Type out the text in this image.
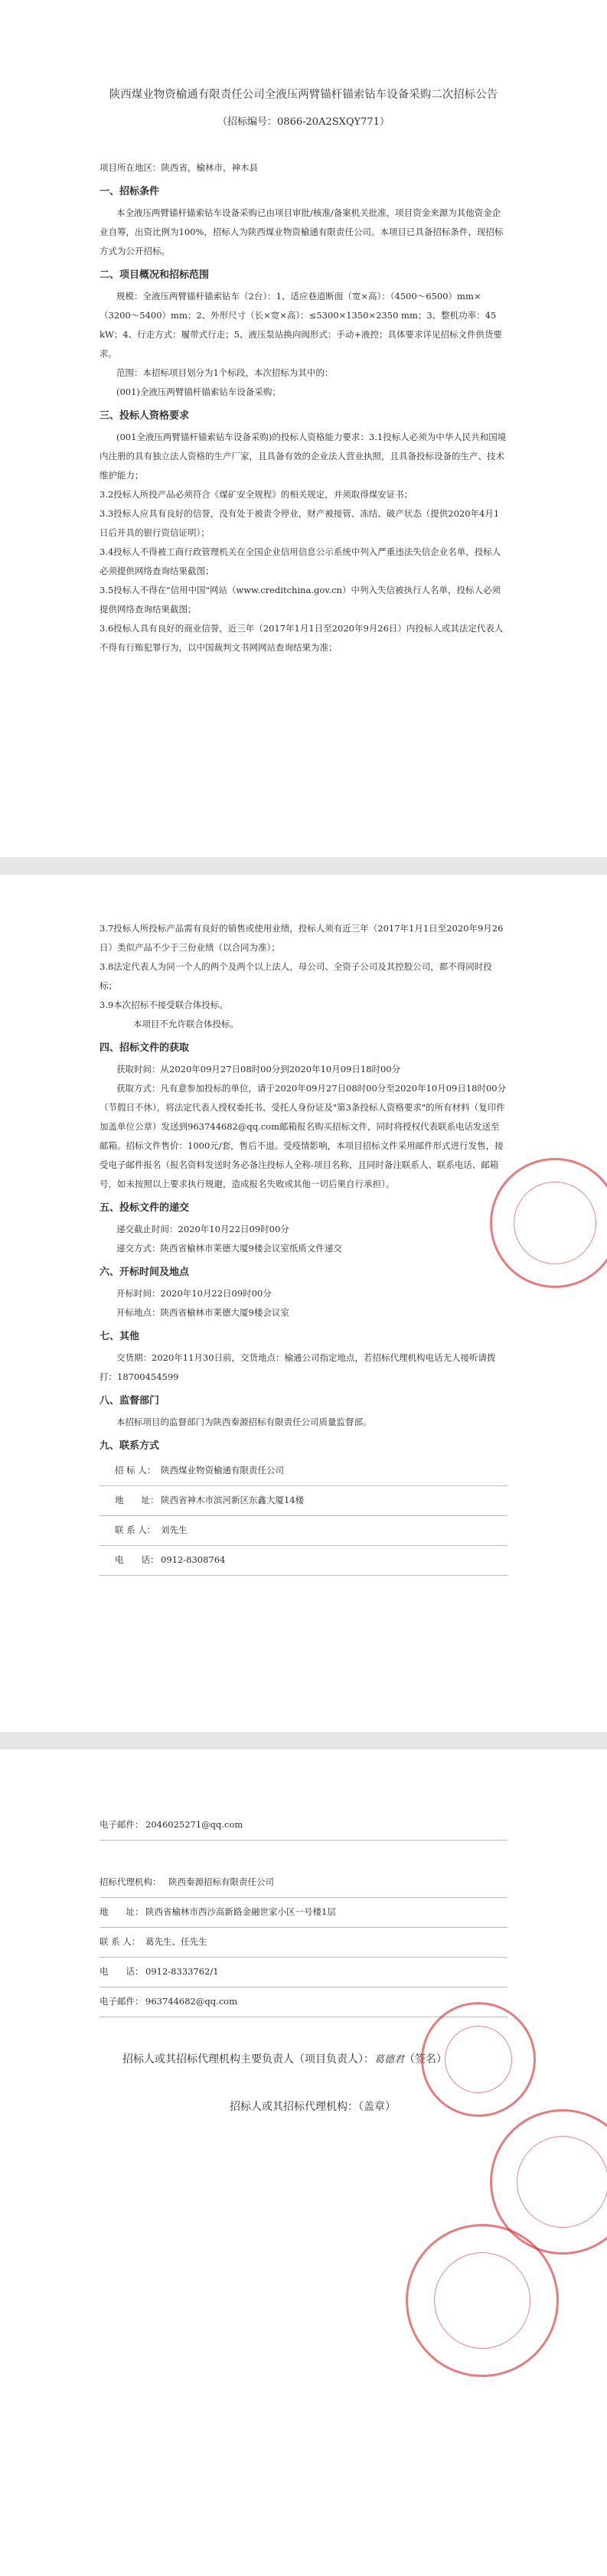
陕西煤业物资榆通有限责任公司全液压两臂锚杆锚索钻车设备采购二次招标公告
（招标编号：0866-20A2SXQY771）

项目所在地区：陕西省，榆林市，神木县

一、招标条件

本全液压两臂锚杆锚索钻车设备采购已由项目审批/核准/备案机关批准，项目资金来源为其他资金企业自筹，出资比例为100%，招标人为陕西煤业物资榆通有限责任公司。本项目已具备招标条件，现招标方式为公开招标。

二、项目概况和招标范围

规模：全液压两臂锚杆锚索钻车（2台）：1、适应巷道断面（宽×高）：（4500～6500）mm×（3200～5400）mm；2、外形尺寸（长×宽×高）：≤5300×1350×2350 mm；3、整机功率：45 kW；4、行走方式：履带式行走；5、液压泵站换向阀形式：手动+液控；具体要求详见招标文件供货要求。

范围：本招标项目划分为1个标段，本次招标为其中的：

(001)全液压两臂锚杆锚索钻车设备采购；

三、投标人资格要求

(001全液压两臂锚杆锚索钻车设备采购)的投标人资格能力要求：3.1投标人必须为中华人民共和国境内注册的具有独立法人资格的生产厂家，且具备有效的企业法人营业执照，且具备投标设备的生产、技术维护能力；

3.2投标人所投产品必须符合《煤矿安全规程》的相关规定，并须取得煤安证书；

3.3投标人应具有良好的信誉，没有处于被责令停业，财产被接管、冻结、破产状态（提供2020年4月1日后开具的银行资信证明）；

3.4投标人不得被工商行政管理机关在全国企业信用信息公示系统中列入严重违法失信企业名单，投标人必须提供网络查询结果截图；

3.5投标人不得在"信用中国"网站（www.creditchina.gov.cn）中列入失信被执行人名单，投标人必须提供网络查询结果截图；

3.6投标人具有良好的商业信誉，近三年（2017年1月1日至2020年9月26日）内投标人或其法定代表人不得有行贿犯罪行为，以中国裁判文书网网站查询结果为准；

3.7投标人所投标产品需有良好的销售或使用业绩，投标人须有近三年（2017年1月1日至2020年9月26日）类似产品不少于三份业绩（以合同为准）；

3.8法定代表人为同一个人的两个及两个以上法人，母公司、全资子公司及其控股公司，都不得同时投标；

3.9本次招标不接受联合体投标。

本项目不允许联合体投标。

四、招标文件的获取

获取时间：从2020年09月27日08时00分到2020年10月09日18时00分

获取方式：凡有意参加投标的单位，请于2020年09月27日08时00分至2020年10月09日18时00分（节假日不休），将法定代表人授权委托书、受托人身份证及"第3条投标人资格要求"的所有材料（复印件加盖单位公章）发送到963744682@qq.com邮箱报名购买招标文件，同时将授权代表联系电话发送至邮箱。招标文件售价：1000元/套，售后不退。受疫情影响，本项目招标文件采用邮件形式进行发售，接受电子邮件报名（报名资料发送时务必备注投标人全称-项目名称，且同时备注联系人、联系电话、邮箱号，如未按照以上要求执行规避，造成报名失败或其他一切后果自行承担）。

五、投标文件的递交

递交截止时间：2020年10月22日09时00分

递交方式：陕西省榆林市莱德大厦9楼会议室纸质文件递交

六、开标时间及地点

开标时间：2020年10月22日09时00分

开标地点：陕西省榆林市莱德大厦9楼会议室

七、其他

交货期：2020年11月30日前，交货地点：榆通公司指定地点，若招标代理机构电话无人接听请拨打：18700454599

八、监督部门

本招标项目的监督部门为陕西秦源招标有限责任公司质量监督部。

九、联系方式
招 标 人： 陕西煤业物资榆通有限责任公司
地　　址： 陕西省神木市滨河新区东鑫大厦14楼
联 系 人： 刘先生
电　　话： 0912-8308764
电子邮件： 2046025271@qq.com
招标代理机构： 陕西秦源招标有限责任公司
地　　址： 陕西省榆林市西沙高新路金融世家小区一号楼1层
联 系 人： 葛先生、任先生
电　　话： 0912-8333762/1
电子邮件： 963744682@qq.com
招标人或其招标代理机构主要负责人（项目负责人）：葛德君（签名）
招标人或其招标代理机构：（盖章）
